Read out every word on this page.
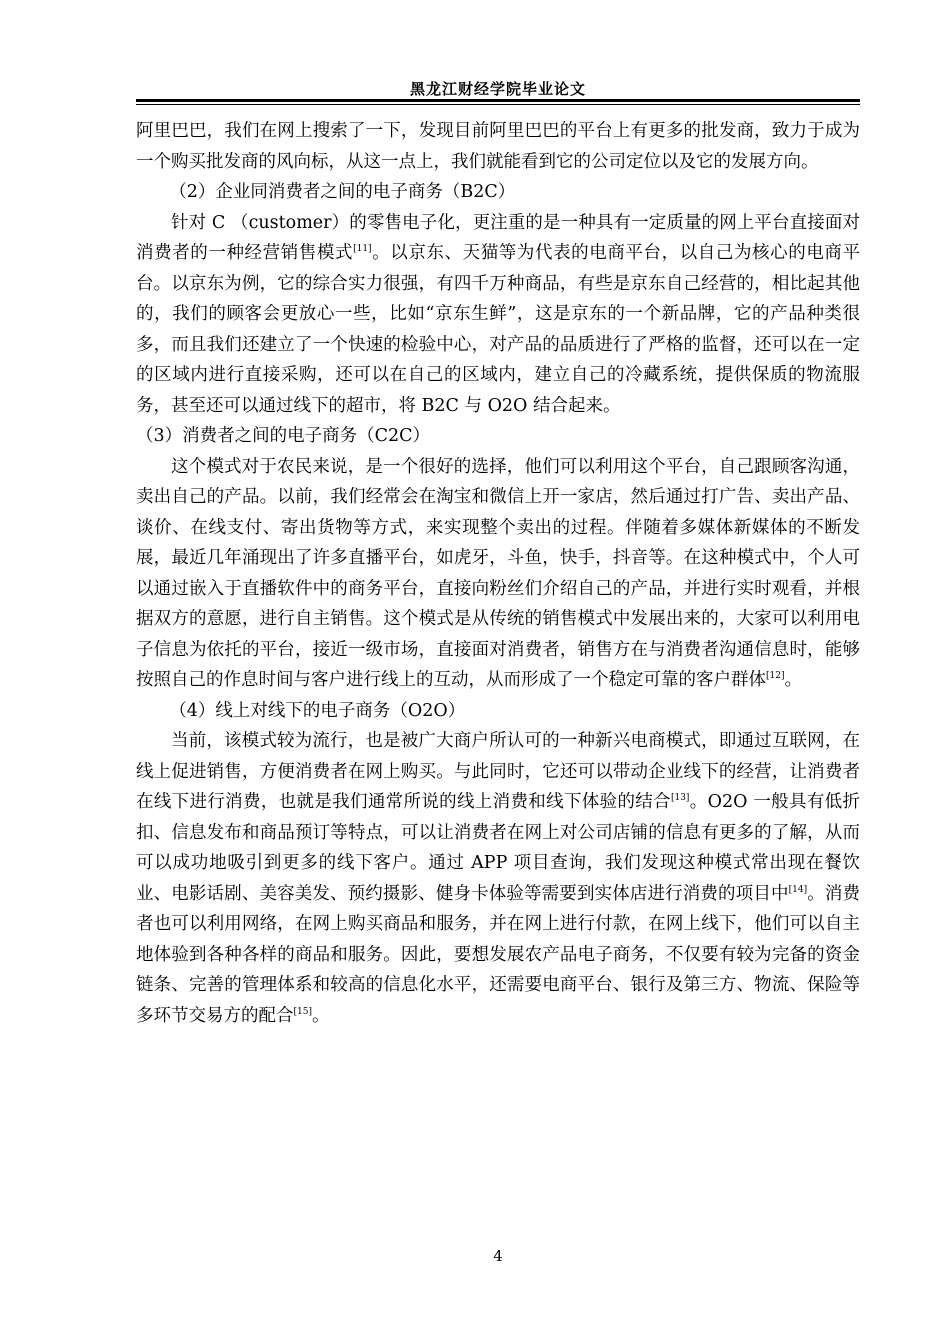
黑龙江财经学院毕业论文

阿里巴巴，我们在网上搜索了一下，发现目前阿里巴巴的平台上有更多的批发商，致力于成为一个购买批发商的风向标，从这一点上，我们就能看到它的公司定位以及它的发展方向。

（2）企业同消费者之间的电子商务（B2C）

针对 C （customer）的零售电子化，更注重的是一种具有一定质量的网上平台直接面对消费者的一种经营销售模式[11]。以京东、天猫等为代表的电商平台，以自己为核心的电商平台。以京东为例，它的综合实力很强，有四千万种商品，有些是京东自己经营的，相比起其他的，我们的顾客会更放心一些，比如“京东生鲜”，这是京东的一个新品牌，它的产品种类很多，而且我们还建立了一个快速的检验中心，对产品的品质进行了严格的监督，还可以在一定的区域内进行直接采购，还可以在自己的区域内，建立自己的冷藏系统，提供保质的物流服务，甚至还可以通过线下的超市，将 B2C 与 O2O 结合起来。

（3）消费者之间的电子商务（C2C）

这个模式对于农民来说，是一个很好的选择，他们可以利用这个平台，自己跟顾客沟通，卖出自己的产品。以前，我们经常会在淘宝和微信上开一家店，然后通过打广告、卖出产品、谈价、在线支付、寄出货物等方式，来实现整个卖出的过程。伴随着多媒体新媒体的不断发展，最近几年涌现出了许多直播平台，如虎牙，斗鱼，快手，抖音等。在这种模式中，个人可以通过嵌入于直播软件中的商务平台，直接向粉丝们介绍自己的产品，并进行实时观看，并根据双方的意愿，进行自主销售。这个模式是从传统的销售模式中发展出来的，大家可以利用电子信息为依托的平台，接近一级市场，直接面对消费者，销售方在与消费者沟通信息时，能够按照自己的作息时间与客户进行线上的互动，从而形成了一个稳定可靠的客户群体[12]。

（4）线上对线下的电子商务（O2O）

当前，该模式较为流行，也是被广大商户所认可的一种新兴电商模式，即通过互联网，在线上促进销售，方便消费者在网上购买。与此同时，它还可以带动企业线下的经营，让消费者在线下进行消费，也就是我们通常所说的线上消费和线下体验的结合[13]。O2O 一般具有低折扣、信息发布和商品预订等特点，可以让消费者在网上对公司店铺的信息有更多的了解，从而可以成功地吸引到更多的线下客户。通过 APP 项目查询，我们发现这种模式常出现在餐饮业、电影话剧、美容美发、预约摄影、健身卡体验等需要到实体店进行消费的项目中[14]。消费者也可以利用网络，在网上购买商品和服务，并在网上进行付款，在网上线下，他们可以自主地体验到各种各样的商品和服务。因此，要想发展农产品电子商务，不仅要有较为完备的资金链条、完善的管理体系和较高的信息化水平，还需要电商平台、银行及第三方、物流、保险等多环节交易方的配合[15]。

4
